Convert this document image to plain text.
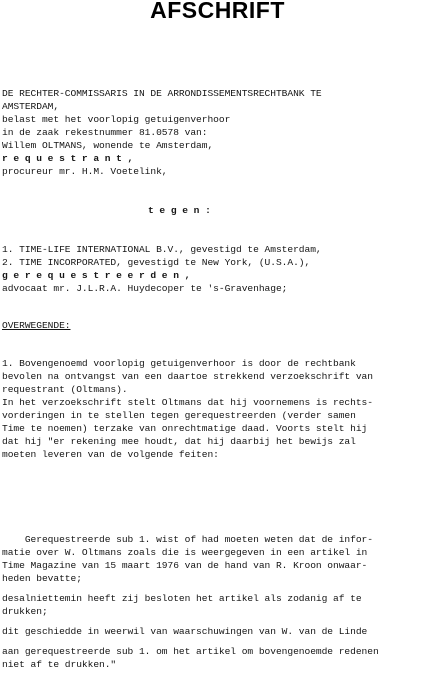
AFSCHRIFT
DE RECHTER-COMMISSARIS IN DE ARRONDISSEMENTSRECHTBANK TE
AMSTERDAM,
belast met het voorlopig getuigenverhoor
in de zaak rekestnummer 81.0578 van:
Willem OLTMANS, wonende te Amsterdam,
r e q u e s t r a n t ,
procureur mr. H.M. Voetelink,
t e g e n :
1. TIME-LIFE INTERNATIONAL B.V., gevestigd te Amsterdam,
2. TIME INCORPORATED, gevestigd te New York, (U.S.A.),
g e r e q u e s t r e e r d e n ,
advocaat mr. J.L.R.A. Huydecoper te 's-Gravenhage;
OVERWEGENDE:
1. Bovengenoemd voorlopig getuigenverhoor is door de rechtbank
bevolen na ontvangst van een daartoe strekkend verzoekschrift van
requestrant (Oltmans).
In het verzoekschrift stelt Oltmans dat hij voornemens is rechts-
vorderingen in te stellen tegen gerequestreerden (verder samen
Time te noemen) terzake van onrechtmatige daad. Voorts stelt hij
dat hij "er rekening mee houdt, dat hij daarbij het bewijs zal
moeten leveren van de volgende feiten:
Gerequestreerde sub 1. wist of had moeten weten dat de infor-
matie over W. Oltmans zoals die is weergegeven in een artikel in
Time Magazine van 15 maart 1976 van de hand van R. Kroon onwaar-
heden bevatte;
desalniettemin heeft zij besloten het artikel als zodanig af te
drukken;
dit geschiedde in weerwil van waarschuwingen van W. van de Linde
aan gerequestreerde sub 1. om het artikel om bovengenoemde redenen
niet af te drukken."
